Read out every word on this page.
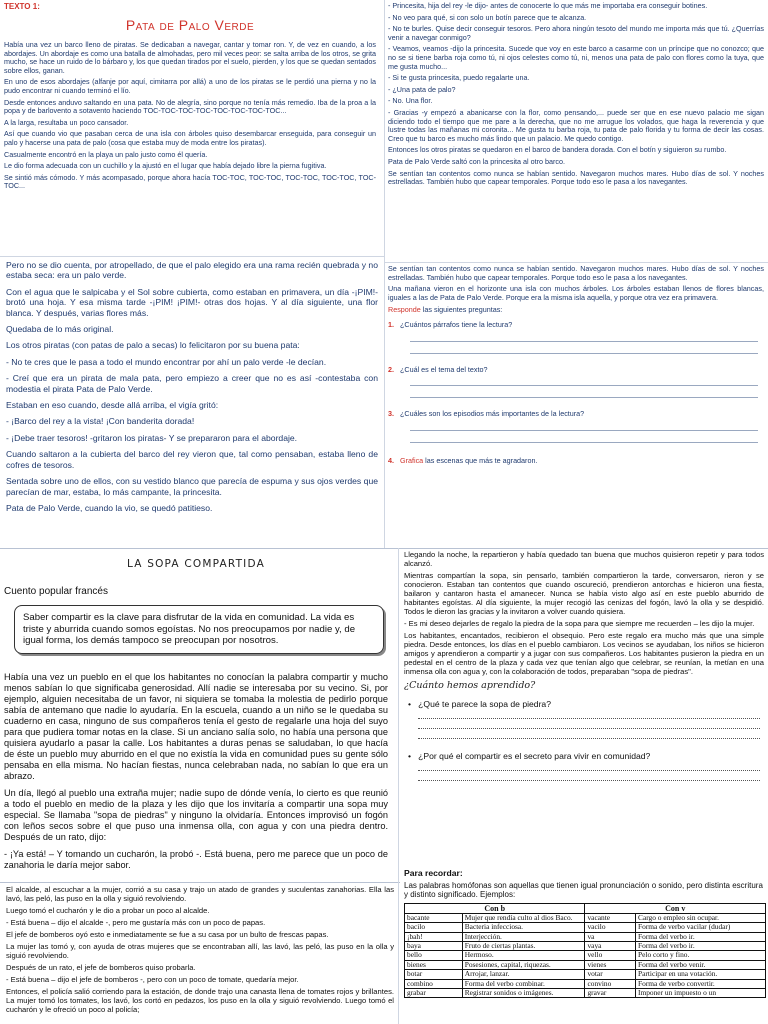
TEXTO 1:
Pata de Palo Verde

Había una vez un barco lleno de piratas. Se dedicaban a navegar, cantar y tomar ron. Y, de vez en cuando, a los abordajes. Un abordaje es como una batalla de almohadas, pero mil veces peor: se salta arriba de los otros, se grita mucho, se hace un ruido de lo bárbaro y, los que quedan tirados por el suelo, pierden, y los que se quedan sentados sobre ellos, ganan.

En uno de esos abordajes (alfanje por aquí, cimitarra por allá) a uno de los piratas se le perdió una pierna y no la pudo encontrar ni cuando terminó el lío.

Desde entonces anduvo saltando en una pata. No de alegría, sino porque no tenía más remedio. Iba de la proa a la popa y de barlovento a sotavento haciendo TOC-TOC-TOC-TOC-TOC-TOC-TOC-TOC...

A la larga, resultaba un poco cansador.

Así que cuando vio que pasaban cerca de una isla con árboles quiso desembarcar enseguida, para conseguir un palo y hacerse una pata de palo (cosa que estaba muy de moda entre los piratas).

Casualmente encontró en la playa un palo justo como él quería.

Le dio forma adecuada con un cuchillo y la ajustó en el lugar que había dejado libre la pierna fugitiva.

Se sintió más cómodo. Y más acompasado, porque ahora hacía TOC-TOC, TOC-TOC, TOC-TOC, TOC-TOC, TOC-TOC...

Pero no se dio cuenta, por atropellado, de que el palo elegido era una rama recién quebrada y no estaba seca: era un palo verde.

Con el agua que le salpicaba y el Sol sobre cubierta, como estaban en primavera, un día -¡PIM!- brotó una hoja. Y esa misma tarde -¡PIM! ¡PIM!- otras dos hojas. Y al día siguiente, una flor blanca. Y después, varias flores más.

Quedaba de lo más original.

Los otros piratas (con patas de palo a secas) lo felicitaron por su buena pata:

- No te cres que le pasa a todo el mundo encontrar por ahí un palo verde -le decían.

- Creí que era un pirata de mala pata, pero empiezo a creer que no es así -contestaba con modestia el pirata Pata de Palo Verde.

Estaban en eso cuando, desde allá arriba, el vigía gritó:

- ¡Barco del rey a la vista! ¡Con banderita dorada!

- ¡Debe traer tesoros! -gritaron los piratas- Y se prepararon para el abordaje.

Cuando saltaron a la cubierta del barco del rey vieron que, tal como pensaban, estaba lleno de cofres de tesoros.

Sentada sobre uno de ellos, con su vestido blanco que parecía de espuma y sus ojos verdes que parecían de mar, estaba, lo más campante, la princesita.

Pata de Palo Verde, cuando la vio, se quedó patitieso.

- Princesita, hija del rey -le dijo- antes de conocerte lo que más me importaba era conseguir botines.

- No veo para qué, si con solo un botín parece que te alcanza.

- No te burles. Quise decir conseguir tesoros. Pero ahora ningún tesoto del mundo me importa más que tú. ¿Querrías venir a navegar conmigo?

- Veamos, veamos -dijo la princesita. Sucede que voy en este barco a casarme con un príncipe que no conozco; que no se si tiene barba roja como tú, ni ojos celestes como tú, ni, menos una pata de palo con flores como la tuya, que me gusta mucho...

- Si te gusta princesita, puedo regalarte una.

- ¿Una pata de palo?

- No. Una flor.

- Gracias -y empezó a abanicarse con la flor, como pensando,... puede ser que en ese nuevo palacio me sigan diciendo todo el tiempo que me pare a la derecha, que no me arrugue los volados, que haga la reverencia y que lustre todas las mañanas mi coronita... Me gusta tu barba roja, tu pata de palo florida y tu forma de decir las cosas. Creo que tu barco es mucho más lindo que un palacio. Me quedo contigo.

Entonces los otros piratas se quedaron en el barco de bandera dorada. Con el botín y siguieron su rumbo.

Pata de Palo Verde saltó con la princesita al otro barco.

Se sentían tan contentos como nunca se habían sentido. Navegaron muchos mares. Hubo días de sol. Y noches estrelladas. También hubo que capear temporales. Porque todo eso le pasa a los navegantes.

Se sentían tan contentos como nunca se habían sentido. Navegaron muchos mares. Hubo días de sol. Y noches estrelladas. También hubo que capear temporales. Porque todo eso le pasa a los navegantes.

Una mañana vieron en el horizonte una isla con muchos árboles. Los árboles estaban llenos de flores blancas, iguales a las de Pata de Palo Verde. Porque era la misma isla aquella, y porque otra vez era primavera.

Responde las siguientes preguntas:

1. ¿Cuántos párrafos tiene la lectura?

2. ¿Cuál es el tema del texto?

3. ¿Cuáles son los episodios más importantes de la lectura?

4. Grafica las escenas que más te agradaron.

LA SOPA COMPARTIDA
Cuento popular francés
Saber compartir es la clave para disfrutar de la vida en comunidad. La vida es triste y aburrida cuando somos egoístas. No nos preocupamos por nadie y, de igual forma, los demás tampoco se preocupan por nosotros.

Había una vez un pueblo en el que los habitantes no conocían la palabra compartir y mucho menos sabían lo que significaba generosidad. Allí nadie se interesaba por su vecino. Si, por ejemplo, alguien necesitaba de un favor, ni siquiera se tomaba la molestia de pedirlo porque sabía de antemano que nadie lo ayudaría. En la escuela, cuando a un niño se le quedaba su cuaderno en casa, ninguno de sus compañeros tenía el gesto de regalarle una hoja del suyo para que pudiera tomar notas en la clase. Si un anciano salía solo, no había una persona que quisiera ayudarlo a pasar la calle. Los habitantes a duras penas se saludaban, lo que hacía de éste un pueblo muy aburrido en el que no existía la vida en comunidad pues su gente sólo pensaba en ella misma. No hacían fiestas, nunca celebraban nada, no sabían lo que era un abrazo.

Un día, llegó al pueblo una extraña mujer; nadie supo de dónde venía, lo cierto es que reunió a todo el pueblo en medio de la plaza y les dijo que los invitaría a compartir una sopa muy especial. Se llamaba "sopa de piedras" y ninguno la olvidaría. Entonces improvisó un fogón con leños secos sobre el que puso una inmensa olla, con agua y con una piedra dentro. Después de un rato, dijo:

- ¡Ya está! – Y tomando un cucharón, la probó -. Está buena, pero me parece que un poco de zanahoria le daría mejor sabor.

El alcalde, al escuchar a la mujer, corrió a su casa y trajo un atado de grandes y suculentas zanahorias. Ella las lavó, las peló, las puso en la olla y siguió revolviendo.

Luego tomó el cucharón y le dio a probar un poco al alcalde.

- Está buena – dijo el alcalde -, pero me gustaría más con un poco de papas.

El jefe de bomberos oyó esto e inmediatamente se fue a su casa por un bulto de frescas papas.

La mujer las tomó y, con ayuda de otras mujeres que se encontraban allí, las lavó, las peló, las puso en la olla y siguió revolviendo.

Después de un rato, el jefe de bomberos quiso probarla.

- Está buena – dijo el jefe de bomberos -, pero con un poco de tomate, quedaría mejor.

Entonces, el policía salió corriendo para la estación, de donde trajo una canasta llena de tomates rojos y brillantes. La mujer tomó los tomates, los lavó, los cortó en pedazos, los puso en la olla y siguió revolviendo. Luego tomó el cucharón y le ofreció un poco al policía;

Llegando la noche, la repartieron y había quedado tan buena que muchos quisieron repetir y para todos alcanzó.

Mientras compartían la sopa, sin pensarlo, también compartieron la tarde, conversaron, rieron y se conocieron. Estaban tan contentos que cuando oscureció, prendieron antorchas e hicieron una fiesta, bailaron y cantaron hasta el amanecer. Nunca se había visto algo así en este pueblo aburrido de habitantes egoístas. Al día siguiente, la mujer recogió las cenizas del fogón, lavó la olla y se despidió. Todos le dieron las gracias y la invitaron a volver cuando quisiera.

- Es mi deseo dejarles de regalo la piedra de la sopa para que siempre me recuerden – les dijo la mujer.

Los habitantes, encantados, recibieron el obsequio. Pero este regalo era mucho más que una simple piedra. Desde entonces, los días en el pueblo cambiaron. Los vecinos se ayudaban, los niños se hicieron amigos y aprendieron a compartir y a jugar con sus compañeros. Los habitantes pusieron la piedra en un pedestal en el centro de la plaza y cada vez que tenían algo que celebrar, se reunían, la metían en una inmensa olla con agua y, con la colaboración de todos, preparaban "sopa de piedras".

¿Cuánto hemos aprendido?
•   ¿Qué te parece la sopa de piedra?
•   ¿Por qué el compartir es el secreto para vivir en comunidad?
Para recordar:
Las palabras homófonas son aquellas que tienen igual pronunciación o sonido, pero distinta escritura y distinto significado. Ejemplos:
Con b		Con v	
bacante	Mujer que rendía culto al dios Baco.	vacante	Cargo o empleo sin ocupar.
bacilo	Bacteria infecciosa.	vacilo	Forma de verbo vacilar (dudar)
¡bah!	Interjección.	va	Forma del verbo ir.
baya	Fruto de ciertas plantas.	vaya	Forma del verbo ir.
bello	Hermoso.	vello	Pelo corto y fino.
bienes	Posesiones, capital, riquezas.	vienes	Forma del verbo venir.
botar	Arrojar, lanzar.	votar	Participar en una votación.
combino	Forma del verbo combinar.	convino	Forma de verbo convertir.
grabar	Registrar sonidos o imágenes.	gravar	Imponer un impuesto o un
